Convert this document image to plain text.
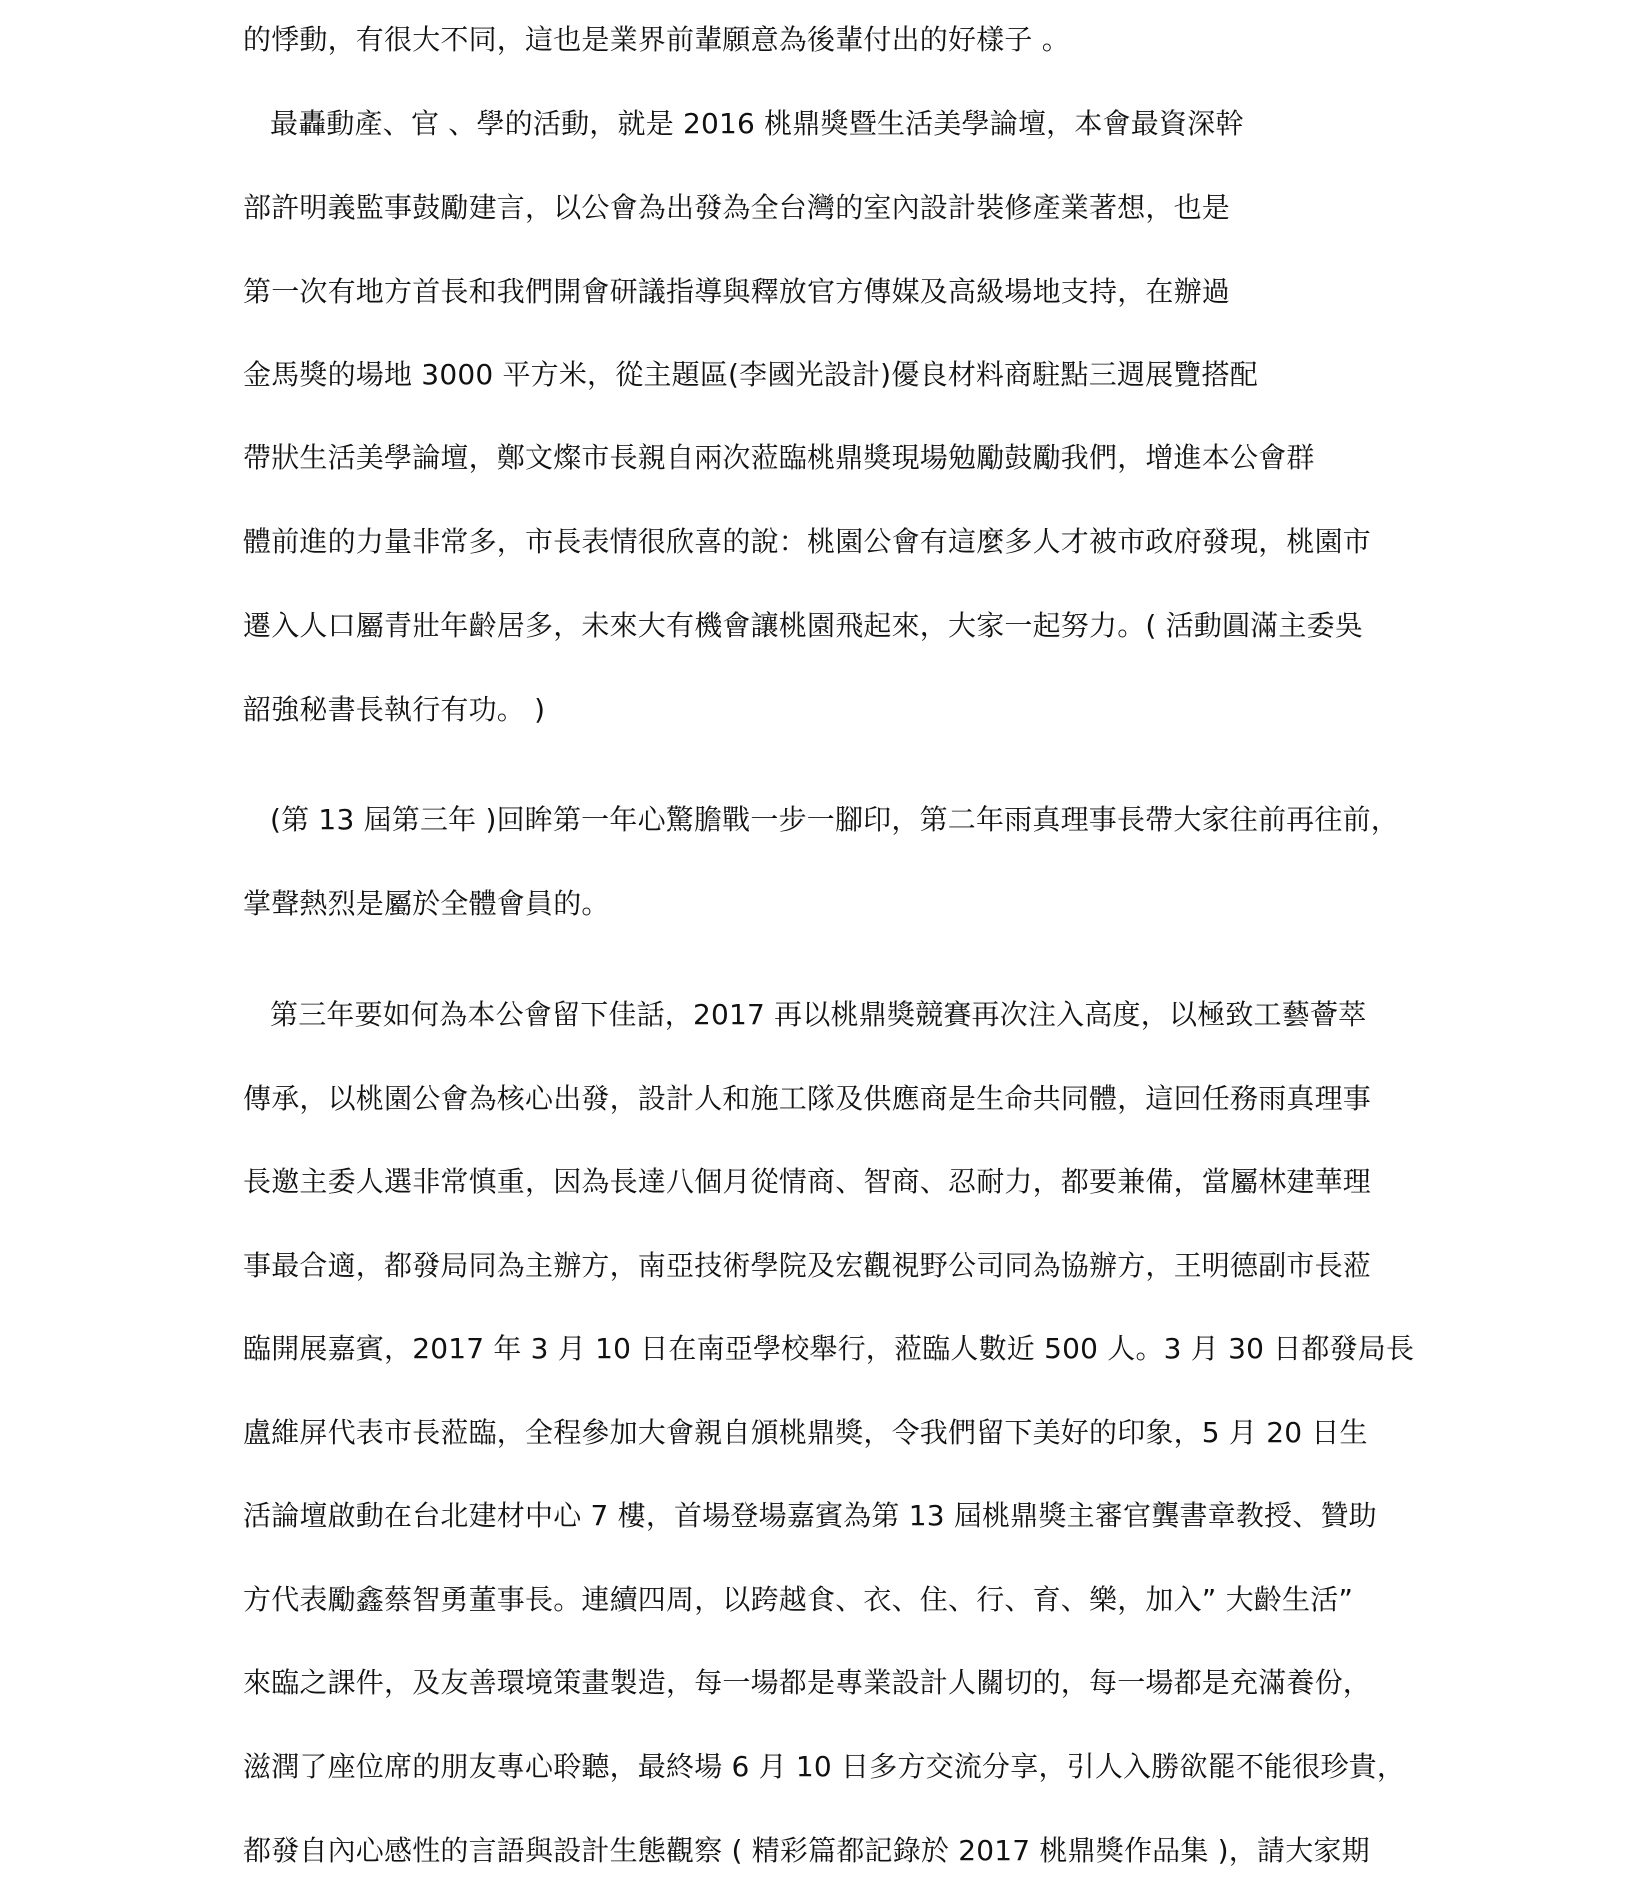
的悸動，有很大不同，這也是業界前輩願意為後輩付出的好樣子 。
最轟動產、官 、學的活動，就是 2016 桃鼎獎暨生活美學論壇，本會最資深幹
部許明義監事鼓勵建言，以公會為出發為全台灣的室內設計裝修產業著想，也是
第一次有地方首長和我們開會研議指導與釋放官方傳媒及高級場地支持，在辦過
金馬獎的場地 3000 平方米，從主題區(李國光設計)優良材料商駐點三週展覽搭配
帶狀生活美學論壇，鄭文燦市長親自兩次蒞臨桃鼎獎現場勉勵鼓勵我們，增進本公會群
體前進的力量非常多，市長表情很欣喜的說：桃園公會有這麼多人才被市政府發現，桃園市
遷入人口屬青壯年齡居多，未來大有機會讓桃園飛起來，大家一起努力。( 活動圓滿主委吳
韶強秘書長執行有功。 )
(第 13 屆第三年 )回眸第一年心驚膽戰一步一腳印，第二年雨真理事長帶大家往前再往前，
掌聲熱烈是屬於全體會員的。
第三年要如何為本公會留下佳話，2017 再以桃鼎獎競賽再次注入高度，以極致工藝薈萃
傳承，以桃園公會為核心出發，設計人和施工隊及供應商是生命共同體，這回任務雨真理事
長邀主委人選非常慎重，因為長達八個月從情商、智商、忍耐力，都要兼備，當屬林建華理
事最合適，都發局同為主辦方，南亞技術學院及宏觀視野公司同為協辦方，王明德副市長蒞
臨開展嘉賓，2017 年 3 月 10 日在南亞學校舉行，蒞臨人數近 500 人。3 月 30 日都發局長
盧維屏代表市長蒞臨，全程參加大會親自頒桃鼎獎，令我們留下美好的印象，5 月 20 日生
活論壇啟動在台北建材中心 7 樓，首場登場嘉賓為第 13 屆桃鼎獎主審官龔書章教授、贊助
方代表勵鑫蔡智勇董事長。連續四周，以跨越食、衣、住、行、育、樂，加入” 大齡生活”
來臨之課件，及友善環境策畫製造，每一場都是專業設計人關切的，每一場都是充滿養份，
滋潤了座位席的朋友專心聆聽，最終場 6 月 10 日多方交流分享，引人入勝欲罷不能很珍貴，
都發自內心感性的言語與設計生態觀察 ( 精彩篇都記錄於 2017 桃鼎獎作品集 )，請大家期
